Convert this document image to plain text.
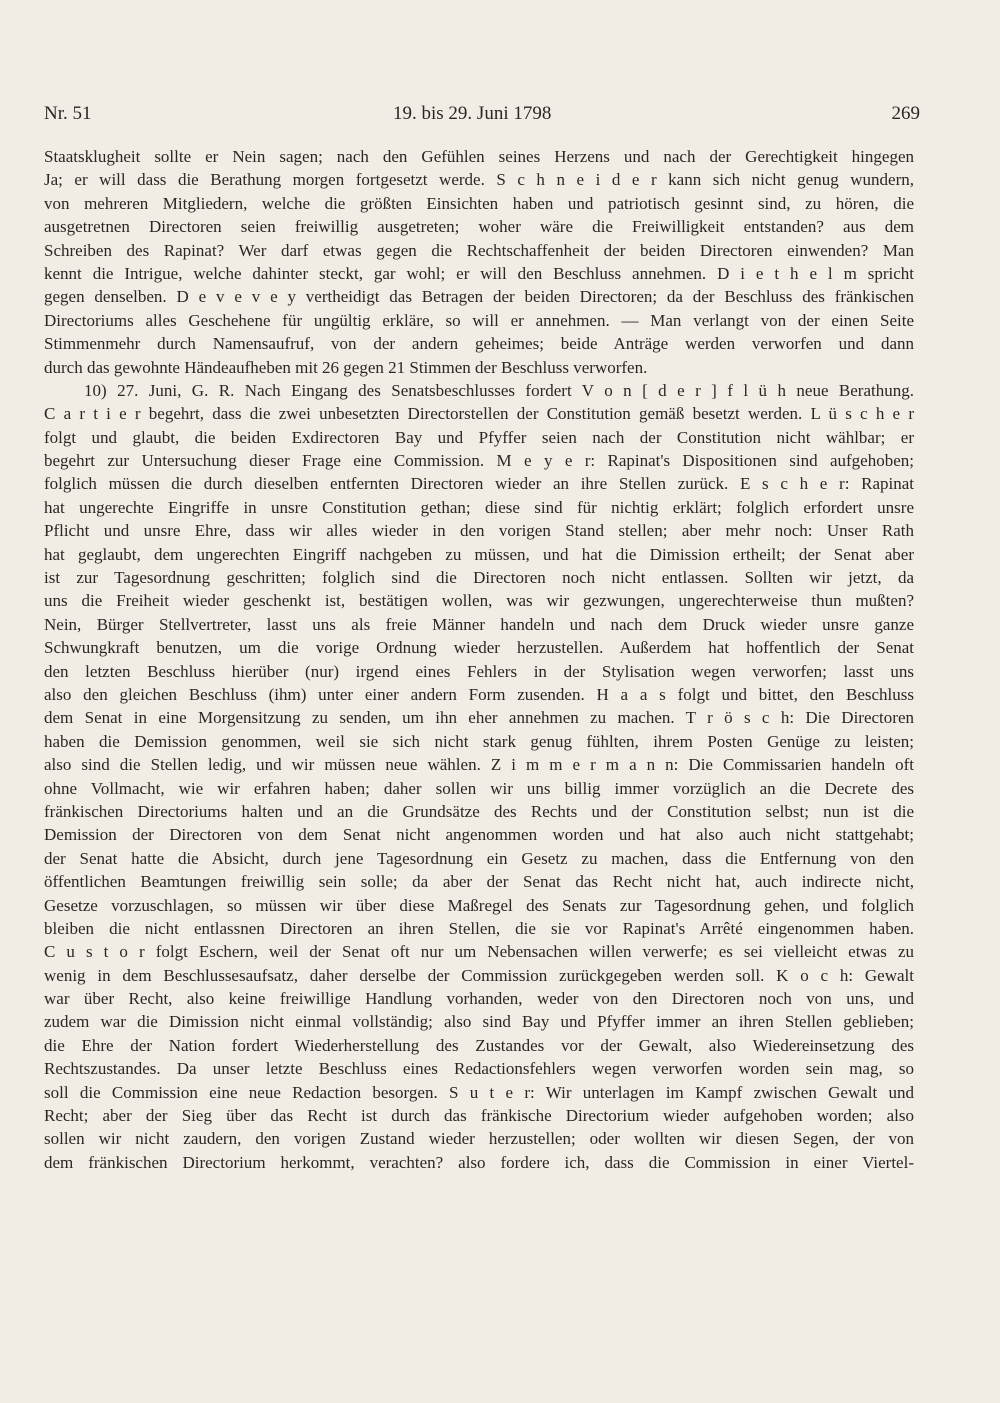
Nr. 51	19. bis 29. Juni 1798	269
Staatsklugheit sollte er Nein sagen; nach den Gefühlen seines Herzens und nach der Gerechtigkeit hingegen
Ja; er will dass die Berathung morgen fortgesetzt werde. S c h n e i d e r kann sich nicht genug wundern,
von mehreren Mitgliedern, welche die größten Einsichten haben und patriotisch gesinnt sind, zu hören, die
ausgetretnen Directoren seien freiwillig ausgetreten; woher wäre die Freiwilligkeit entstanden? aus dem
Schreiben des Rapinat? Wer darf etwas gegen die Rechtschaffenheit der beiden Directoren einwenden? Man
kennt die Intrigue, welche dahinter steckt, gar wohl; er will den Beschluss annehmen. D i e t h e l m spricht
gegen denselben. D e v e v e y vertheidigt das Betragen der beiden Directoren; da der Beschluss des fränkischen
Directoriums alles Geschehene für ungültig erkläre, so will er annehmen. — Man verlangt von der einen Seite
Stimmenmehr durch Namensaufruf, von der andern geheimes; beide Anträge werden verworfen und dann
durch das gewohnte Händeaufheben mit 26 gegen 21 Stimmen der Beschluss verworfen.
10) 27. Juni, G. R. Nach Eingang des Senatsbeschlusses fordert V o n [ d e r ] f l ü h neue Berathung.
C a r t i e r begehrt, dass die zwei unbesetzten Directorstellen der Constitution gemäß besetzt werden. L ü s c h e r
folgt und glaubt, die beiden Exdirectoren Bay und Pfyffer seien nach der Constitution nicht wählbar; er
begehrt zur Untersuchung dieser Frage eine Commission. M e y e r: Rapinat's Dispositionen sind aufgehoben;
folglich müssen die durch dieselben entfernten Directoren wieder an ihre Stellen zurück. E s c h e r: Rapinat
hat ungerechte Eingriffe in unsre Constitution gethan; diese sind für nichtig erklärt; folglich erfordert unsre
Pflicht und unsre Ehre, dass wir alles wieder in den vorigen Stand stellen; aber mehr noch: Unser Rath
hat geglaubt, dem ungerechten Eingriff nachgeben zu müssen, und hat die Dimission ertheilt; der Senat aber
ist zur Tagesordnung geschritten; folglich sind die Directoren noch nicht entlassen. Sollten wir jetzt, da
uns die Freiheit wieder geschenkt ist, bestätigen wollen, was wir gezwungen, ungerechterweise thun mußten?
Nein, Bürger Stellvertreter, lasst uns als freie Männer handeln und nach dem Druck wieder unsre ganze
Schwungkraft benutzen, um die vorige Ordnung wieder herzustellen. Außerdem hat hoffentlich der Senat
den letzten Beschluss hierüber (nur) irgend eines Fehlers in der Stylisation wegen verworfen; lasst uns
also den gleichen Beschluss (ihm) unter einer andern Form zusenden. H a a s folgt und bittet, den Beschluss
dem Senat in eine Morgensitzung zu senden, um ihn eher annehmen zu machen. T r ö s c h: Die Directoren
haben die Demission genommen, weil sie sich nicht stark genug fühlten, ihrem Posten Genüge zu leisten;
also sind die Stellen ledig, und wir müssen neue wählen. Z i m m e r m a n n: Die Commissarien handeln oft
ohne Vollmacht, wie wir erfahren haben; daher sollen wir uns billig immer vorzüglich an die Decrete des
fränkischen Directoriums halten und an die Grundsätze des Rechts und der Constitution selbst; nun ist die
Demission der Directoren von dem Senat nicht angenommen worden und hat also auch nicht stattgehabt;
der Senat hatte die Absicht, durch jene Tagesordnung ein Gesetz zu machen, dass die Entfernung von den
öffentlichen Beamtungen freiwillig sein solle; da aber der Senat das Recht nicht hat, auch indirecte nicht,
Gesetze vorzuschlagen, so müssen wir über diese Maßregel des Senats zur Tagesordnung gehen, und folglich
bleiben die nicht entlassnen Directoren an ihren Stellen, die sie vor Rapinat's Arrêté eingenommen haben.
C u s t o r folgt Eschern, weil der Senat oft nur um Nebensachen willen verwerfe; es sei vielleicht etwas zu
wenig in dem Beschlussesaufsatz, daher derselbe der Commission zurückgegeben werden soll. K o c h: Gewalt
war über Recht, also keine freiwillige Handlung vorhanden, weder von den Directoren noch von uns, und
zudem war die Dimission nicht einmal vollständig; also sind Bay und Pfyffer immer an ihren Stellen geblieben;
die Ehre der Nation fordert Wiederherstellung des Zustandes vor der Gewalt, also Wiedereinsetzung des
Rechtszustandes. Da unser letzte Beschluss eines Redactionsfehlers wegen verworfen worden sein mag, so
soll die Commission eine neue Redaction besorgen. S u t e r: Wir unterlagen im Kampf zwischen Gewalt und
Recht; aber der Sieg über das Recht ist durch das fränkische Directorium wieder aufgehoben worden; also
sollen wir nicht zaudern, den vorigen Zustand wieder herzustellen; oder wollten wir diesen Segen, der von
dem fränkischen Directorium herkommt, verachten? also fordere ich, dass die Commission in einer Viertel-
